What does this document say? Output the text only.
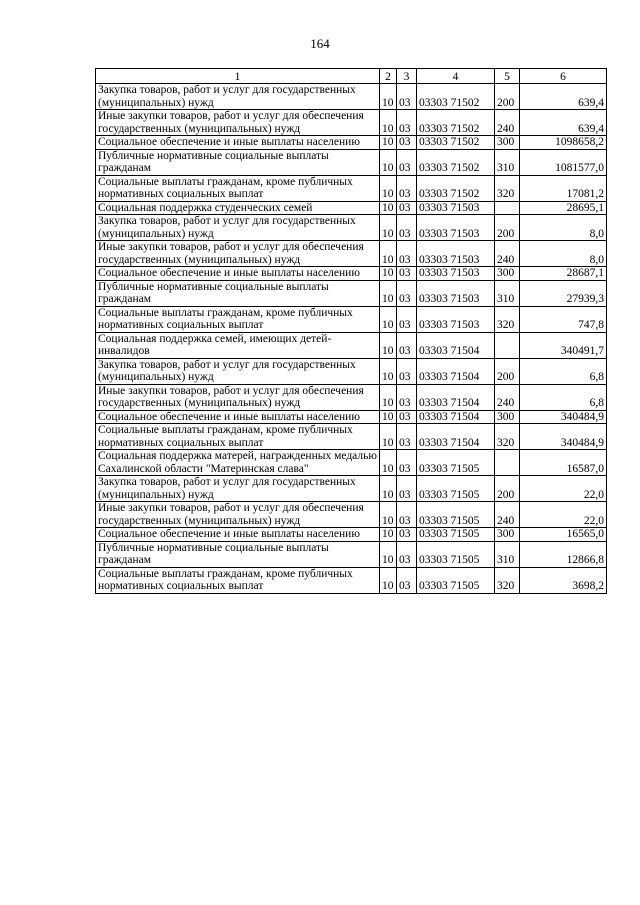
164
1	2	3	4	5	6
Закупка товаров, работ и услуг для государственных (муниципальных) нужд	10	03	03303 71502	200	639,4
Иные закупки товаров, работ и услуг для обеспечения государственных (муниципальных) нужд	10	03	03303 71502	240	639,4
Социальное обеспечение и иные выплаты населению	10	03	03303 71502	300	1098658,2
Публичные нормативные социальные выплаты гражданам	10	03	03303 71502	310	1081577,0
Социальные выплаты гражданам, кроме публичных нормативных социальных выплат	10	03	03303 71502	320	17081,2
Социальная поддержка студенческих семей	10	03	03303 71503		28695,1
Закупка товаров, работ и услуг для государственных (муниципальных) нужд	10	03	03303 71503	200	8,0
Иные закупки товаров, работ и услуг для обеспечения государственных (муниципальных) нужд	10	03	03303 71503	240	8,0
Социальное обеспечение и иные выплаты населению	10	03	03303 71503	300	28687,1
Публичные нормативные социальные выплаты гражданам	10	03	03303 71503	310	27939,3
Социальные выплаты гражданам, кроме публичных нормативных социальных выплат	10	03	03303 71503	320	747,8
Социальная поддержка семей, имеющих детей-инвалидов	10	03	03303 71504		340491,7
Закупка товаров, работ и услуг для государственных (муниципальных) нужд	10	03	03303 71504	200	6,8
Иные закупки товаров, работ и услуг для обеспечения государственных (муниципальных) нужд	10	03	03303 71504	240	6,8
Социальное обеспечение и иные выплаты населению	10	03	03303 71504	300	340484,9
Социальные выплаты гражданам, кроме публичных нормативных социальных выплат	10	03	03303 71504	320	340484,9
Социальная поддержка матерей, награжденных медалью Сахалинской области "Материнская слава"	10	03	03303 71505		16587,0
Закупка товаров, работ и услуг для государственных (муниципальных) нужд	10	03	03303 71505	200	22,0
Иные закупки товаров, работ и услуг для обеспечения государственных (муниципальных) нужд	10	03	03303 71505	240	22,0
Социальное обеспечение и иные выплаты населению	10	03	03303 71505	300	16565,0
Публичные нормативные социальные выплаты гражданам	10	03	03303 71505	310	12866,8
Социальные выплаты гражданам, кроме публичных нормативных социальных выплат	10	03	03303 71505	320	3698,2
